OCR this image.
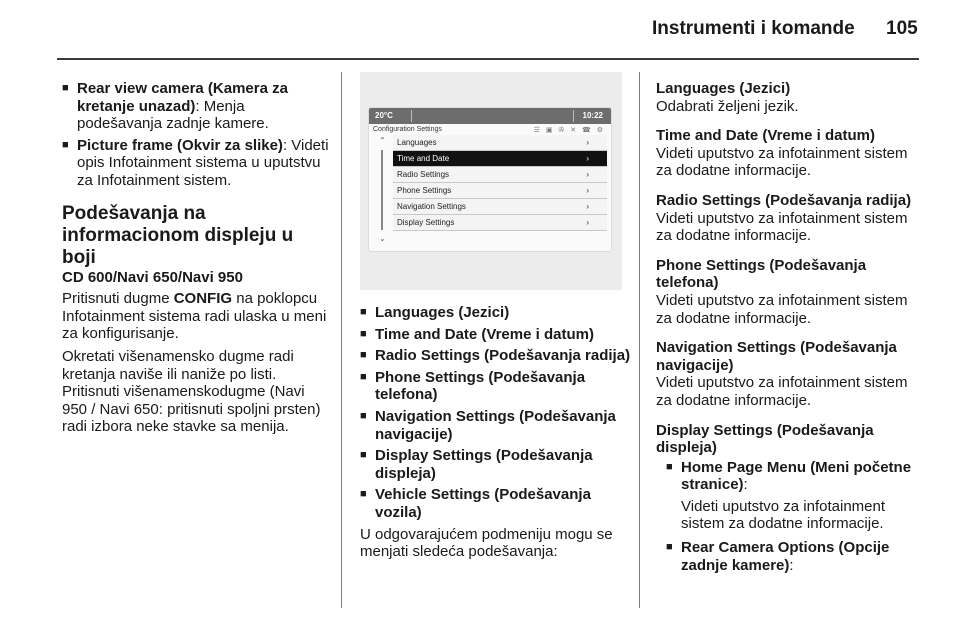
Instrumenti i komande 105
■ Rear view camera (Kamera za kretanje unazad): Menja podešavanja zadnje kamere.
■ Picture frame (Okvir za slike): Videti opis Infotainment sistema u uputstvu za Infotainment sistem.
Podešavanja na informacionom displeju u boji
CD 600/Navi 650/Navi 950

Pritisnuti dugme CONFIG na poklopcu Infotainment sistema radi ulaska u meni za konfigurisanje.

Okretati višenamensko dugme radi kretanja naviše ili naniže po listi.

Pritisnuti višenamenskodugme (Navi 950 / Navi 650: pritisnuti spoljni prsten) radi izbora neke stavke sa menija.

20°C	10:22
Configuration Settings	☰ ▣ ✇ ✕ ☎ ⚙
⌃
⌄
Languages	›
Time and Date	›
Radio Settings	›
Phone Settings	›
Navigation Settings	›
Display Settings	›
■ Languages (Jezici)
■ Time and Date (Vreme i datum)
■ Radio Settings (Podešavanja radija)
■ Phone Settings (Podešavanja telefona)
■ Navigation Settings (Podešavanja navigacije)
■ Display Settings (Podešavanja displeja)
■ Vehicle Settings (Podešavanja vozila)

U odgovarajućem podmeniju mogu se menjati sledeća podešavanja:

Languages (Jezici)

Odabrati željeni jezik.

Time and Date (Vreme i datum)

Videti uputstvo za infotainment sistem za dodatne informacije.

Radio Settings (Podešavanja radija)

Videti uputstvo za infotainment sistem za dodatne informacije.

Phone Settings (Podešavanja telefona)

Videti uputstvo za infotainment sistem za dodatne informacije.

Navigation Settings (Podešavanja navigacije)

Videti uputstvo za infotainment sistem za dodatne informacije.

Display Settings (Podešavanja displeja)
■ Home Page Menu (Meni početne stranice):

Videti uputstvo za infotainment sistem za dodatne informacije.

■ Rear Camera Options (Opcije zadnje kamere):
